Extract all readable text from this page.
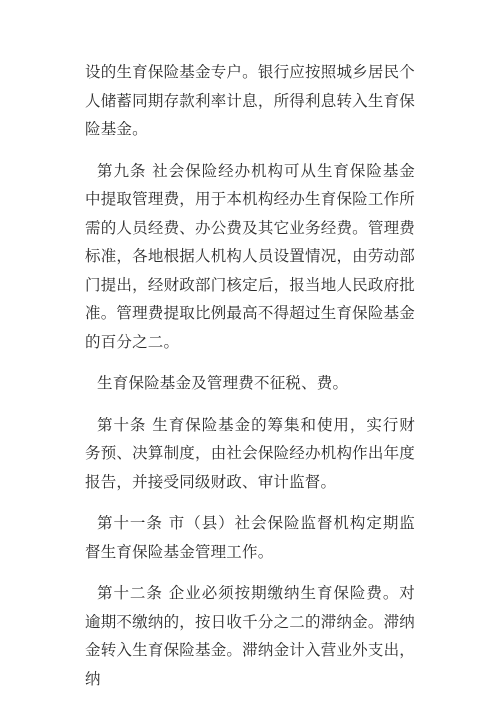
设的生育保险基金专户。银行应按照城乡居民个人储蓄同期存款利率计息，所得利息转入生育保险基金。

第九条 社会保险经办机构可从生育保险基金中提取管理费，用于本机构经办生育保险工作所需的人员经费、办公费及其它业务经费。管理费标准，各地根据人机构人员设置情况，由劳动部门提出，经财政部门核定后，报当地人民政府批准。管理费提取比例最高不得超过生育保险基金的百分之二。

生育保险基金及管理费不征税、费。

第十条 生育保险基金的筹集和使用，实行财务预、决算制度，由社会保险经办机构作出年度报告，并接受同级财政、审计监督。

第十一条 市（县）社会保险监督机构定期监督生育保险基金管理工作。

第十二条 企业必须按期缴纳生育保险费。对逾期不缴纳的，按日收千分之二的滞纳金。滞纳金转入生育保险基金。滞纳金计入营业外支出，纳
